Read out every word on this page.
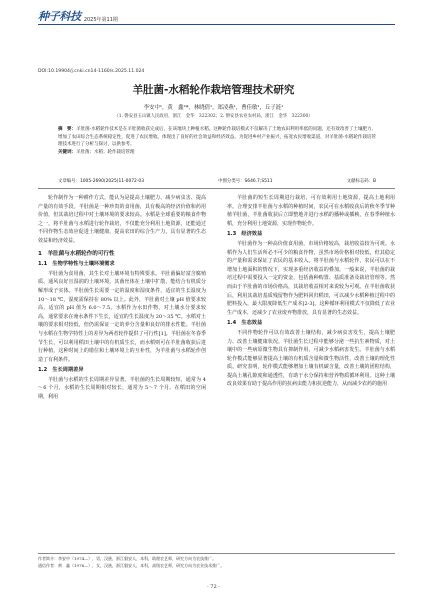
种子科技 2025年第11期
DOI:10.19904/j.cnki.cn14-1160/s.2025.11.024
羊肚菌-水稻轮作栽培管理技术研究
李安中¹，黄　鑫²*，林晓倩¹，郑凌燕¹，曹佳敏¹，丘子涟¹
（1. 磐安县玉山镇人民政府，浙江　金华　322302；2. 磐安县农业农村局，浙江　金华　322300）
摘　要：羊肚菌-水稻轮作技术是在羊肚菌收获完成后，在该地块上种植水稻。这种轮作栽培模式不仅解决了土地农田利用率低的问题，还有效改善了土壤肥力、增加了农田综合生态系统稳定性，促进了农民增收。体现出了良好的社会效益和经济效益。为促进乡村产业振兴，拓宽农民增收渠道，对羊肚菌-水稻轮作栽培管理技术进行了分析与探讨，以供参考。
关键词：羊肚菌；水稻；轮作栽培管理
文章编号：1005-2690(2025)11-0072-03	中图分类号：S646.7;S511	文献标志码：B

轮作制作为一种耕作方式，能认为是提高土壤肥力、减少病虫害、提高产量的有效手段。羊肚菌是一种珍贵的食用菌，具有极高的经济价值和药用价值，但其栽培过程中对土壤环境的要求较高。水稻是全球重要的粮食作物之一，将羊肚菌与水稻进行轮作栽培，不仅能充分利用土地资源，还能通过不同作物生态效应促进土壤健康，提高农田的综合生产力，具有显著的生态效益和经济效益。

1　羊肚菌与水稻轮作的可行性
1.1　生物学特性与土壤环境需求

羊肚菌为食用菌，其生长对土壤环境有特殊要求。羊肚菌偏好富含腐殖质、通风良好且湿润的土壤环境，其菌丝体在土壤中扩散，能结合有机质分解形成子实体。羊肚菌生长需要一定的温度和湿度条件，适宜的生长温度为 10～18 ℃，湿度需保持在 80% 以上。此外，羊肚菌对土壤 pH 值要求较高，适宜的 pH 值为 6.0～7.5。水稻作为水田作物，对土壤水分要求较高，通常要求在淹水条件下生长，适宜的生长温度为 20～35 ℃。水稻对土壤的要求相对较低，但仍需保证一定的养分含量和良好的排水性能。羊肚菌与水稻在生物学特性上的差异为两者轮作提供了可行性[1]。羊肚菌在冬春季节生长，可以利用稻田土壤中的有机质生长，而水稻则可在羊肚菌收获后进行种植，这种时间上的错位和土壤环境上的互补性，为羊肚菌与水稻轮作创造了有利条件。

1.2　生长周期差异

羊肚菌与水稻的生长周期差异显著。羊肚菌的生长周期较短，通常为 4～6 个月，水稻的生长周期相对较长，通常为 5～7 个月。在稻田的空闲期，利用

羊肚菌的短生长周期进行栽培，可有效利用土地资源，提高土地利用率。合理安排羊肚菌与水稻的种植时间，农民可在水稻收获后的秋冬季节种植羊肚菌，羊肚菌收获后立即整地并进行水稻的播种或插秧，在春季种植水稻，充分利用土地资源，实现作物轮作。

1.3　经济效益

羊肚菌作为一种高价值食用菌，市场价格较高，栽培收益较为可观。水稻作为人们生活所必不可少的粮食作物，虽然市场价格相对较低，但其稳定的产量和需求保证了农民的基本收入。将羊肚菌与水稻轮作，农民可以在不增加土地面积的情况下，实现多重经济收益的叠加。一般来说，羊肚菌的栽培过程中需要投入一定的资金，包括菌种购置、基质准备及栽培管理等。然而由于羊肚菌的市场价格高，其栽培收益相对来说较为可观。在羊肚菌收获后，利用其栽培基质残留物作为肥料回归稻田，可以减少水稻种植过程中的肥料投入，最大限度降低生产成本[2-3]。这种循环利用模式不仅降低了农业生产成本，还减少了农业废弃物排放，具有显著的生态效益。

1.4　生态效益

不同作物轮作可以有效改善土壤结构，减少病虫害发生，提高土壤肥力、改善土壤健康状况。羊肚菌生长过程中能够分泌一些抗生素物质，对土壤中的一些病原微生物具有抑制作用，可减少水稻病害发生。羊肚菌与水稻轮作模式能够显著提高土壤的有机质含量和微生物活性，改善土壤的理化性质。研究表明，轮作模式能够增加土壤有机碳含量，改善土壤的团粒结构，提高土壤孔隙度和通透性，有助于水分保持和营养物质循环利用。这种土壤改良效果有助于提高作用的抗病虫能力和抗逆能力，从而减少农药的施用

作者简介：李安中（1974—），男，汉族，浙江磐安人，本科，助理农艺师，研究方向为农技推广。
通信作者：黄　鑫（1976—），女，汉族，浙江磐安人，本科，高级农艺师，研究方向为农业技术推广。
· 72 ·
